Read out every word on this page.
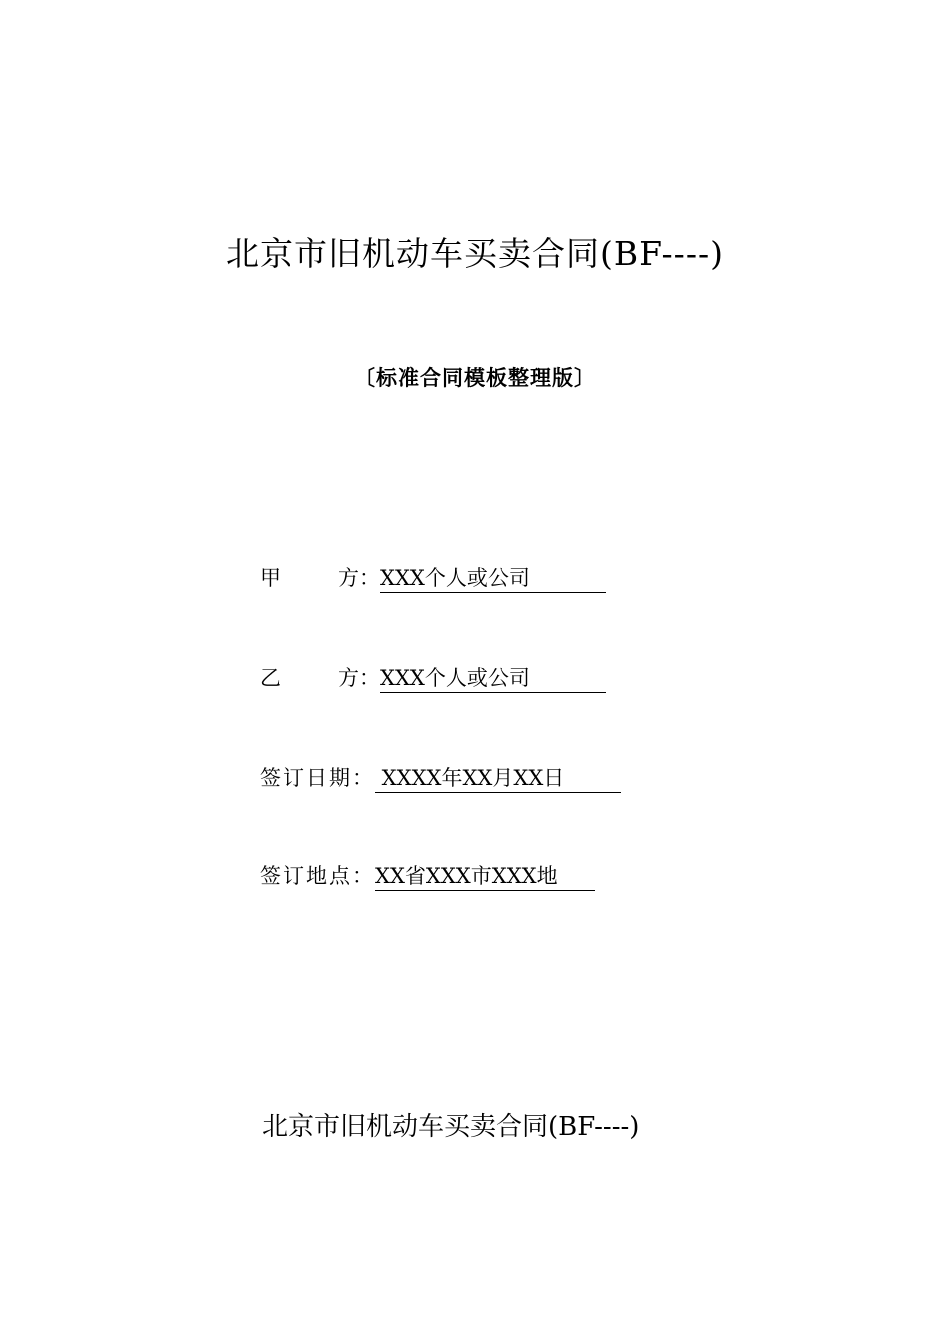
北京市旧机动车买卖合同(BF----)
〔标准合同模板整理版〕
甲	方： XXX个人或公司
乙	方： XXX个人或公司
签订日期： XXXX年XX月XX日
签订地点： XX省XXX市XXX地
北京市旧机动车买卖合同(BF----)
